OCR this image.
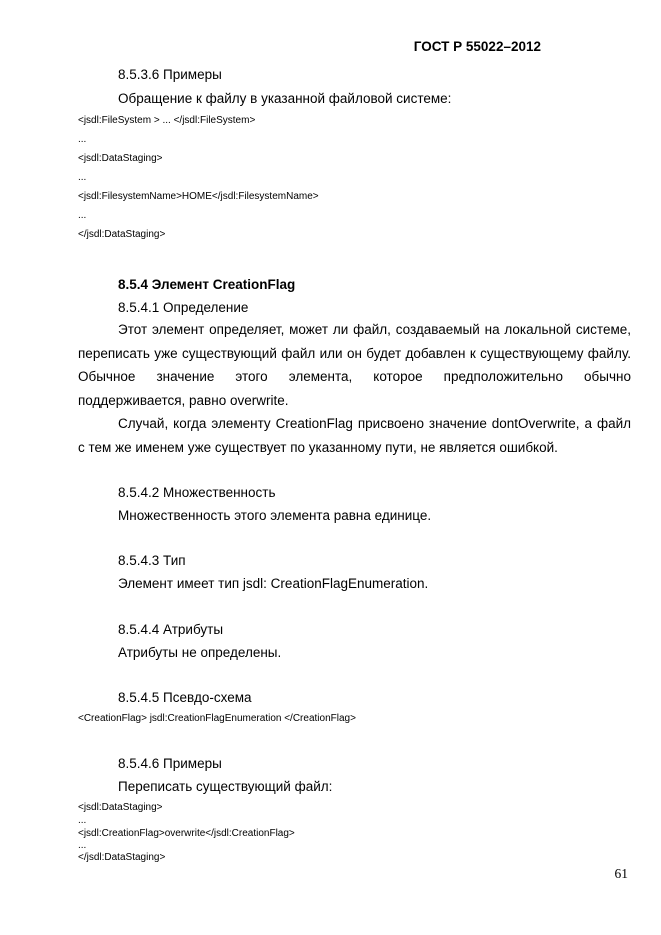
ГОСТ Р 55022–2012
8.5.3.6 Примеры
Обращение к файлу в указанной файловой системе:
<jsdl:FileSystem > ... </jsdl:FileSystem>
...
<jsdl:DataStaging>
...
<jsdl:FilesystemName>HOME</jsdl:FilesystemName>
...
</jsdl:DataStaging>
8.5.4 Элемент CreationFlag
8.5.4.1 Определение

Этот элемент определяет, может ли файл, создаваемый на локальной системе, переписать уже существующий файл или он будет добавлен к существующему файлу. Обычное значение этого элемента, которое предположительно обычно поддерживается, равно overwrite.

Случай, когда элементу CreationFlag присвоено значение dontOverwrite, а файл с тем же именем уже существует по указанному пути, не является ошибкой.

8.5.4.2 Множественность
Множественность этого элемента равна единице.
8.5.4.3 Тип
Элемент имеет тип jsdl: CreationFlagEnumeration.
8.5.4.4 Атрибуты
Атрибуты не определены.
8.5.4.5 Псевдо-схема
<CreationFlag> jsdl:CreationFlagEnumeration </CreationFlag>
8.5.4.6 Примеры
Переписать существующий файл:
<jsdl:DataStaging>
...
<jsdl:CreationFlag>overwrite</jsdl:CreationFlag>
...
</jsdl:DataStaging>
61
